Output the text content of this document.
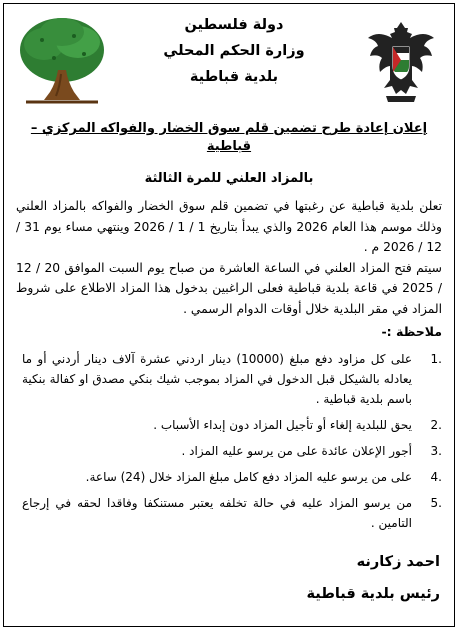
دولة فلسطين
وزارة الحكم المحلي
بلدية قباطية
إعلان إعادة طرح تضمين قلم سوق الخضار والفواكه المركزي – قباطية
بالمزاد العلني للمرة الثالثة

تعلن بلدية قباطية عن رغبتها في تضمين قلم سوق الخضار والفواكه بالمزاد العلني وذلك موسم هذا العام 2026 والذي يبدأ بتاريخ 1 / 1 / 2026 وينتهي مساء يوم 31 / 12 / 2026 م .

سيتم فتح المزاد العلني في الساعة العاشرة من صباح يوم السبت الموافق 20 / 12 / 2025 في قاعة بلدية قباطية فعلى الراغبين بدخول هذا المزاد الاطلاع على شروط المزاد في مقر البلدية خلال أوقات الدوام الرسمي .

ملاحظة :-
1.
على كل مزاود دفع مبلغ (10000) دينار اردني عشرة آلاف دينار أردني أو ما يعادله بالشيكل قبل الدخول في المزاد بموجب شيك بنكي مصدق او كفالة بنكية باسم بلدية قباطية .
2.
يحق للبلدية إلغاء أو تأجيل المزاد دون إبداء الأسباب .
3.
أجور الإعلان عائدة على من يرسو عليه المزاد .
4.
على من يرسو عليه المزاد دفع كامل مبلغ المزاد خلال (24) ساعة.
5.
من يرسو المزاد عليه في حالة تخلفه يعتبر مستنكفا وفاقدا لحقه في إرجاع التامين .
احمد زكارنه
رئيس بلدية قباطية
